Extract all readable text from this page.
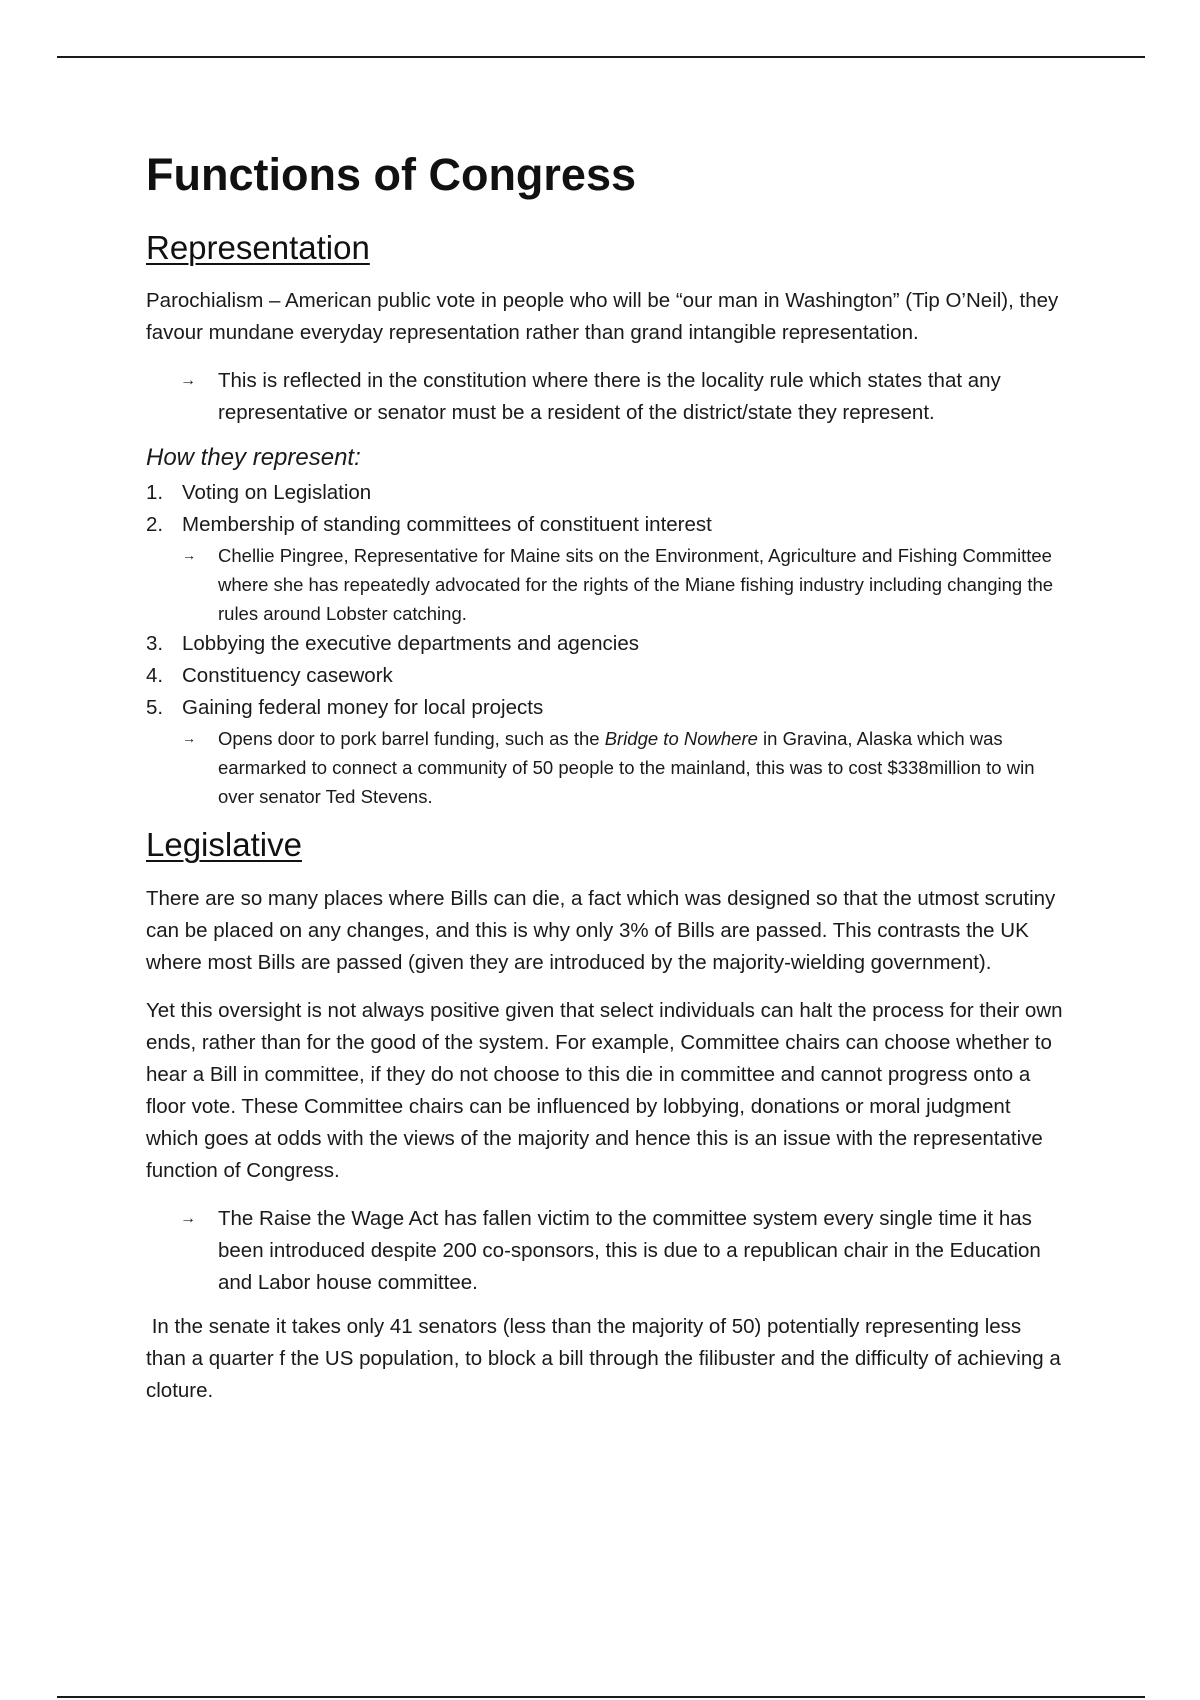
Functions of Congress
Representation

Parochialism – American public vote in people who will be “our man in Washington” (Tip O’Neil), they favour mundane everyday representation rather than grand intangible representation.

→	This is reflected in the constitution where there is the locality rule which states that any representative or senator must be a resident of the district/state they represent.
How they represent:
1. Voting on Legislation
2. Membership of standing committees of constituent interest
→	Chellie Pingree, Representative for Maine sits on the Environment, Agriculture and Fishing Committee where she has repeatedly advocated for the rights of the Miane fishing industry including changing the rules around Lobster catching.
3. Lobbying the executive departments and agencies
4. Constituency casework
5. Gaining federal money for local projects
→	Opens door to pork barrel funding, such as the Bridge to Nowhere in Gravina, Alaska which was earmarked to connect a community of 50 people to the mainland, this was to cost $338million to win over senator Ted Stevens.
Legislative

There are so many places where Bills can die, a fact which was designed so that the utmost scrutiny can be placed on any changes, and this is why only 3% of Bills are passed. This contrasts the UK where most Bills are passed (given they are introduced by the majority-wielding government).

Yet this oversight is not always positive given that select individuals can halt the process for their own ends, rather than for the good of the system. For example, Committee chairs can choose whether to hear a Bill in committee, if they do not choose to this die in committee and cannot progress onto a floor vote. These Committee chairs can be influenced by lobbying, donations or moral judgment which goes at odds with the views of the majority and hence this is an issue with the representative function of Congress.

→	The Raise the Wage Act has fallen victim to the committee system every single time it has been introduced despite 200 co-sponsors, this is due to a republican chair in the Education and Labor house committee.

In the senate it takes only 41 senators (less than the majority of 50) potentially representing less than a quarter f the US population, to block a bill through the filibuster and the difficulty of achieving a cloture.
